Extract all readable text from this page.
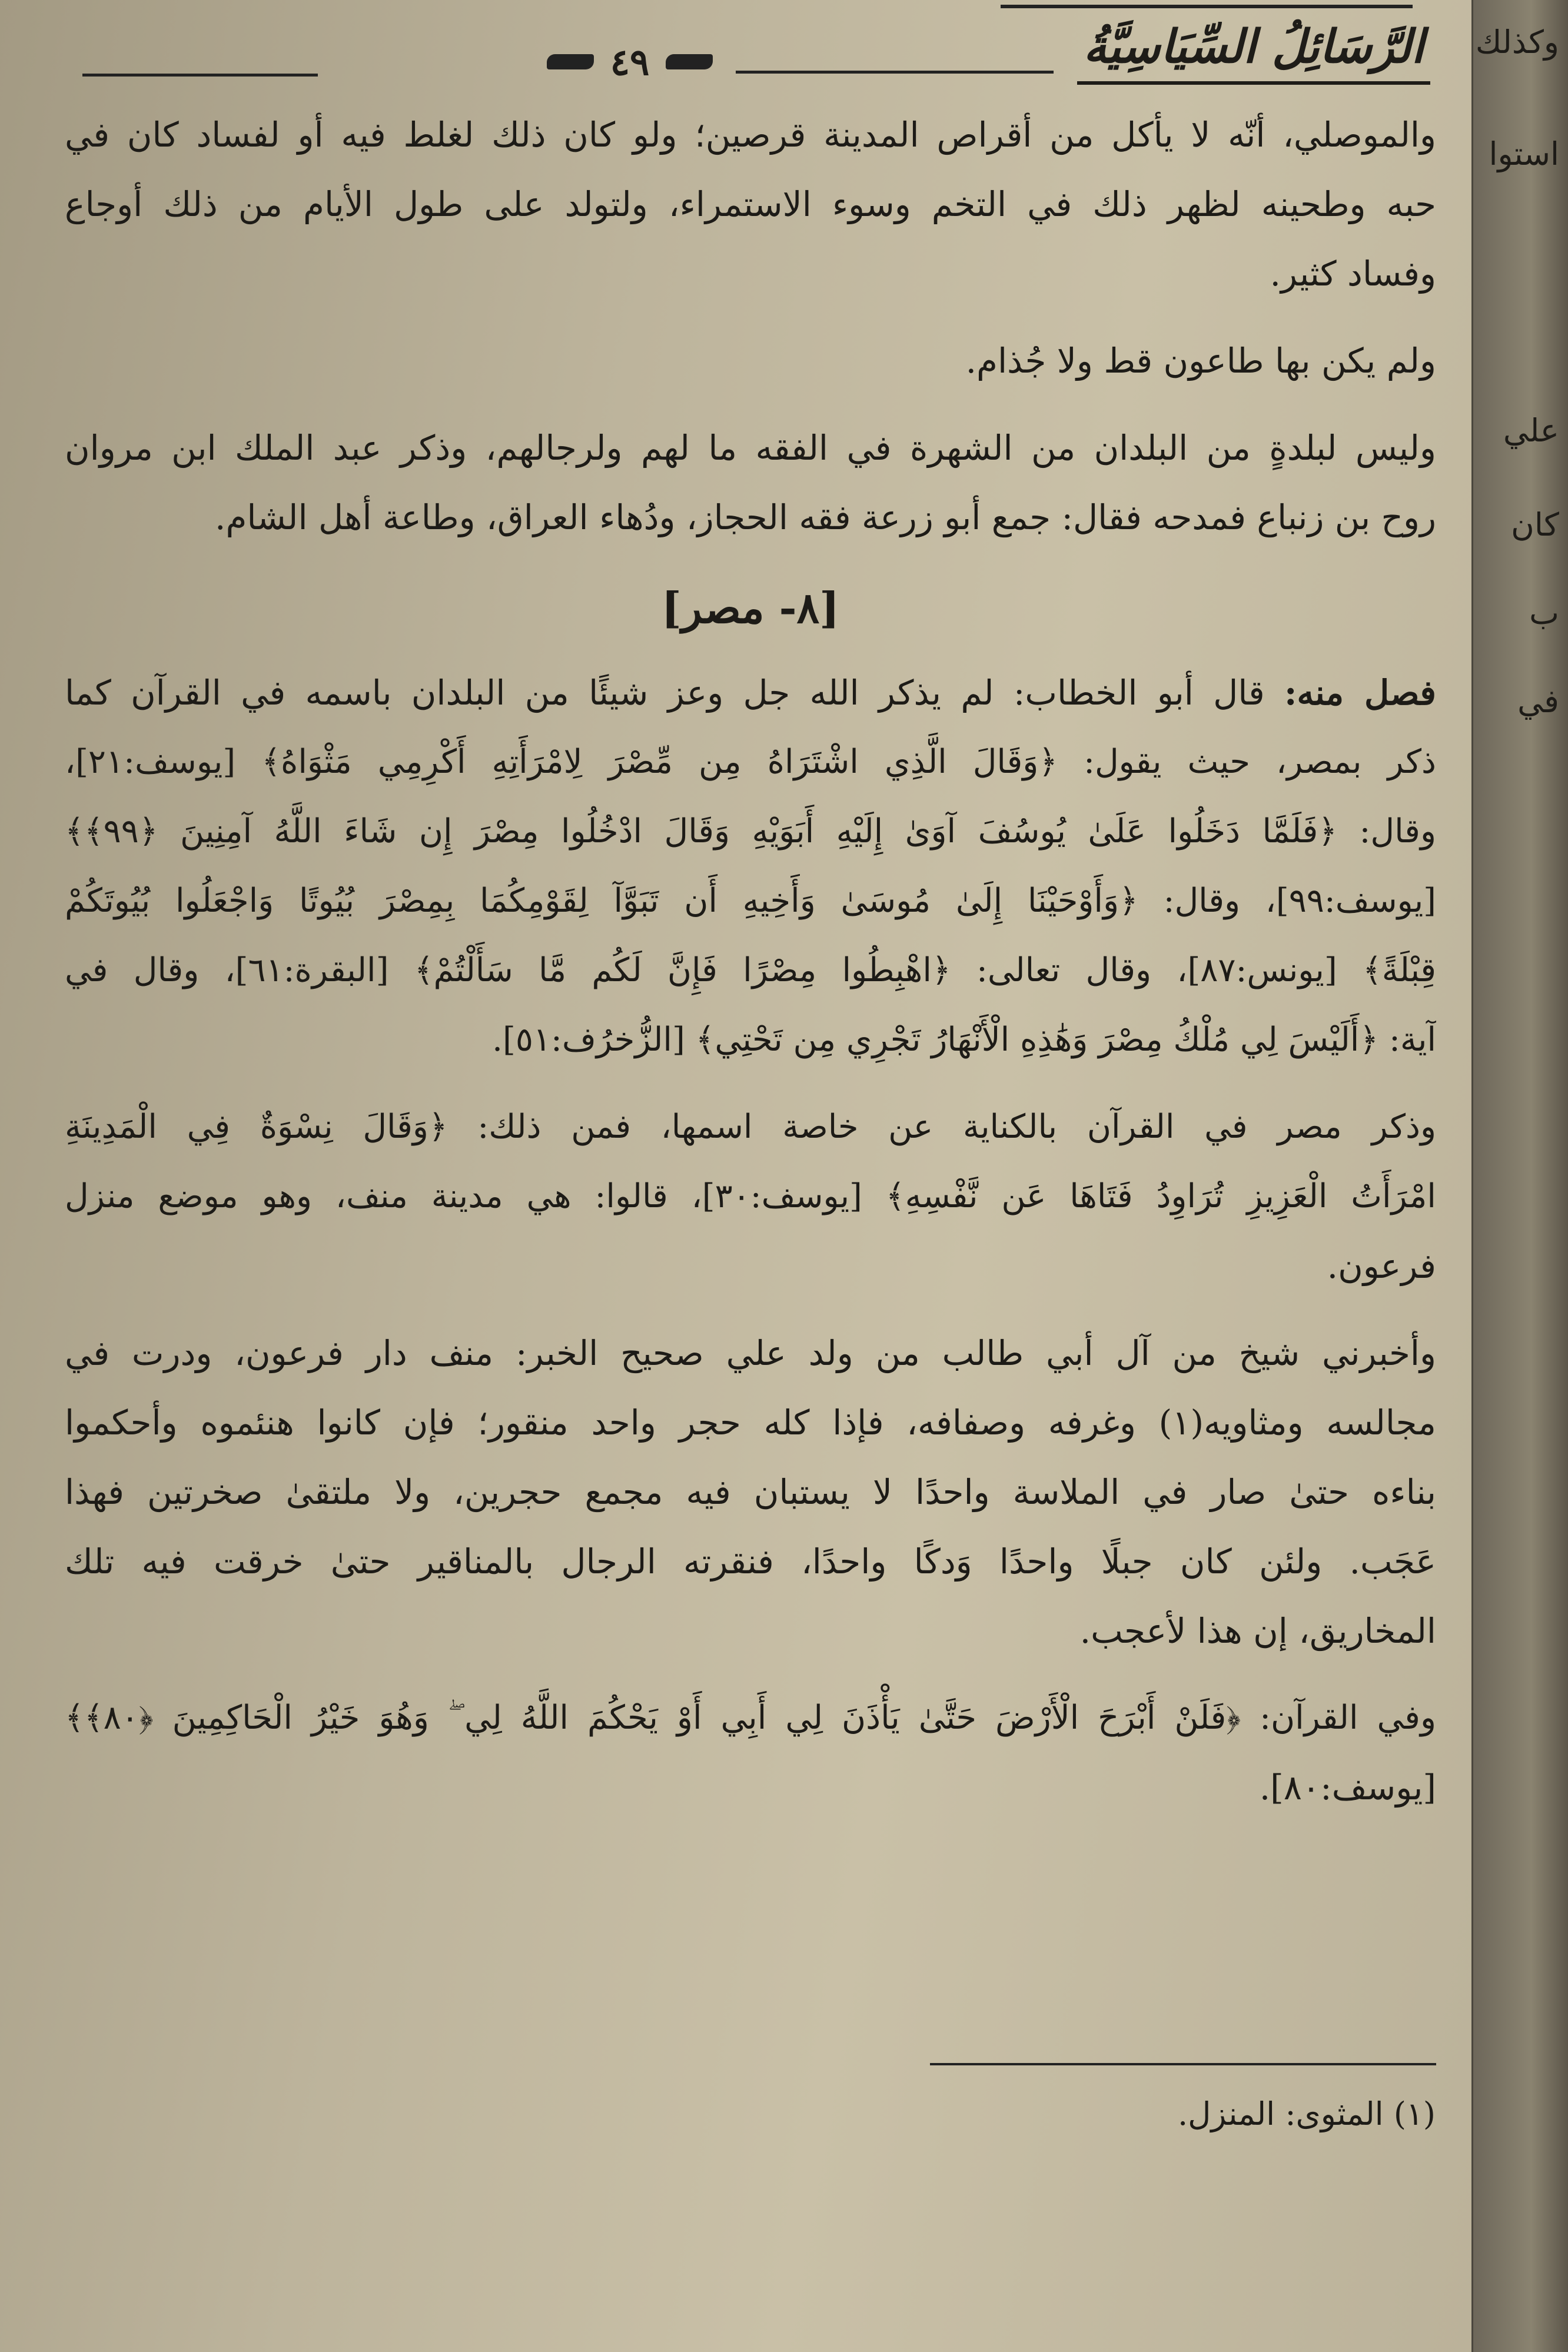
الرَّسَائِلُ السِّيَاسِيَّةُ
٤٩
والموصلي، أنّه لا يأكل من أقراص المدينة قرصين؛ ولو كان ذلك لغلط فيه أو لفساد كان في
حبه وطحينه لظهر ذلك في التخم وسوء الاستمراء، ولتولد على طول الأيام من ذلك أوجاع
وفساد كثير.
ولم يكن بها طاعون قط ولا جُذام.
وليس لبلدةٍ من البلدان من الشهرة في الفقه ما لهم ولرجالهم، وذكر عبد الملك ابن مروان
روح بن زنباع فمدحه فقال: جمع أبو زرعة فقه الحجاز، ودُهاء العراق، وطاعة أهل الشام.
[٨- مصر]
فصل منه: قال أبو الخطاب: لم يذكر الله جل وعز شيئًا من البلدان باسمه في القرآن كما
ذكر بمصر، حيث يقول: ﴿وَقَالَ الَّذِي اشْتَرَاهُ مِن مِّصْرَ لِامْرَأَتِهِ أَكْرِمِي مَثْوَاهُ﴾ [يوسف:٢١]،
وقال: ﴿فَلَمَّا دَخَلُوا عَلَىٰ يُوسُفَ آوَىٰ إِلَيْهِ أَبَوَيْهِ وَقَالَ ادْخُلُوا مِصْرَ إِن شَاءَ اللَّهُ آمِنِينَ ﴿٩٩﴾﴾
[يوسف:٩٩]، وقال: ﴿وَأَوْحَيْنَا إِلَىٰ مُوسَىٰ وَأَخِيهِ أَن تَبَوَّآ لِقَوْمِكُمَا بِمِصْرَ بُيُوتًا وَاجْعَلُوا بُيُوتَكُمْ
قِبْلَةً﴾ [يونس:٨٧]، وقال تعالى: ﴿اهْبِطُوا مِصْرًا فَإِنَّ لَكُم مَّا سَأَلْتُمْ﴾ [البقرة:٦١]، وقال في
آية: ﴿أَلَيْسَ لِي مُلْكُ مِصْرَ وَهَٰذِهِ الْأَنْهَارُ تَجْرِي مِن تَحْتِي﴾ [الزُّخرُف:٥١].
وذكر مصر في القرآن بالكناية عن خاصة اسمها، فمن ذلك: ﴿وَقَالَ نِسْوَةٌ فِي الْمَدِينَةِ
امْرَأَتُ الْعَزِيزِ تُرَاوِدُ فَتَاهَا عَن نَّفْسِهِ﴾ [يوسف:٣٠]، قالوا: هي مدينة منف، وهو موضع منزل
فرعون.
وأخبرني شيخ من آل أبي طالب من ولد علي صحيح الخبر: منف دار فرعون، ودرت في
مجالسه ومثاويه(١) وغرفه وصفافه، فإذا كله حجر واحد منقور؛ فإن كانوا هنئموه وأحكموا
بناءه حتىٰ صار في الملاسة واحدًا لا يستبان فيه مجمع حجرين، ولا ملتقىٰ صخرتين فهذا
عَجَب. ولئن كان جبلًا واحدًا وَدكًا واحدًا، فنقرته الرجال بالمناقير حتىٰ خرقت فيه تلك
المخاريق، إن هذا لأعجب.
وفي القرآن: ﴿فَلَنْ أَبْرَحَ الْأَرْضَ حَتَّىٰ يَأْذَنَ لِي أَبِي أَوْ يَحْكُمَ اللَّهُ لِي ۖ وَهُوَ خَيْرُ الْحَاكِمِينَ ﴿٨٠﴾﴾
[يوسف:٨٠].
(١) المثوى: المنزل.
وكذلك
استوا
علي
كان
ب
في
